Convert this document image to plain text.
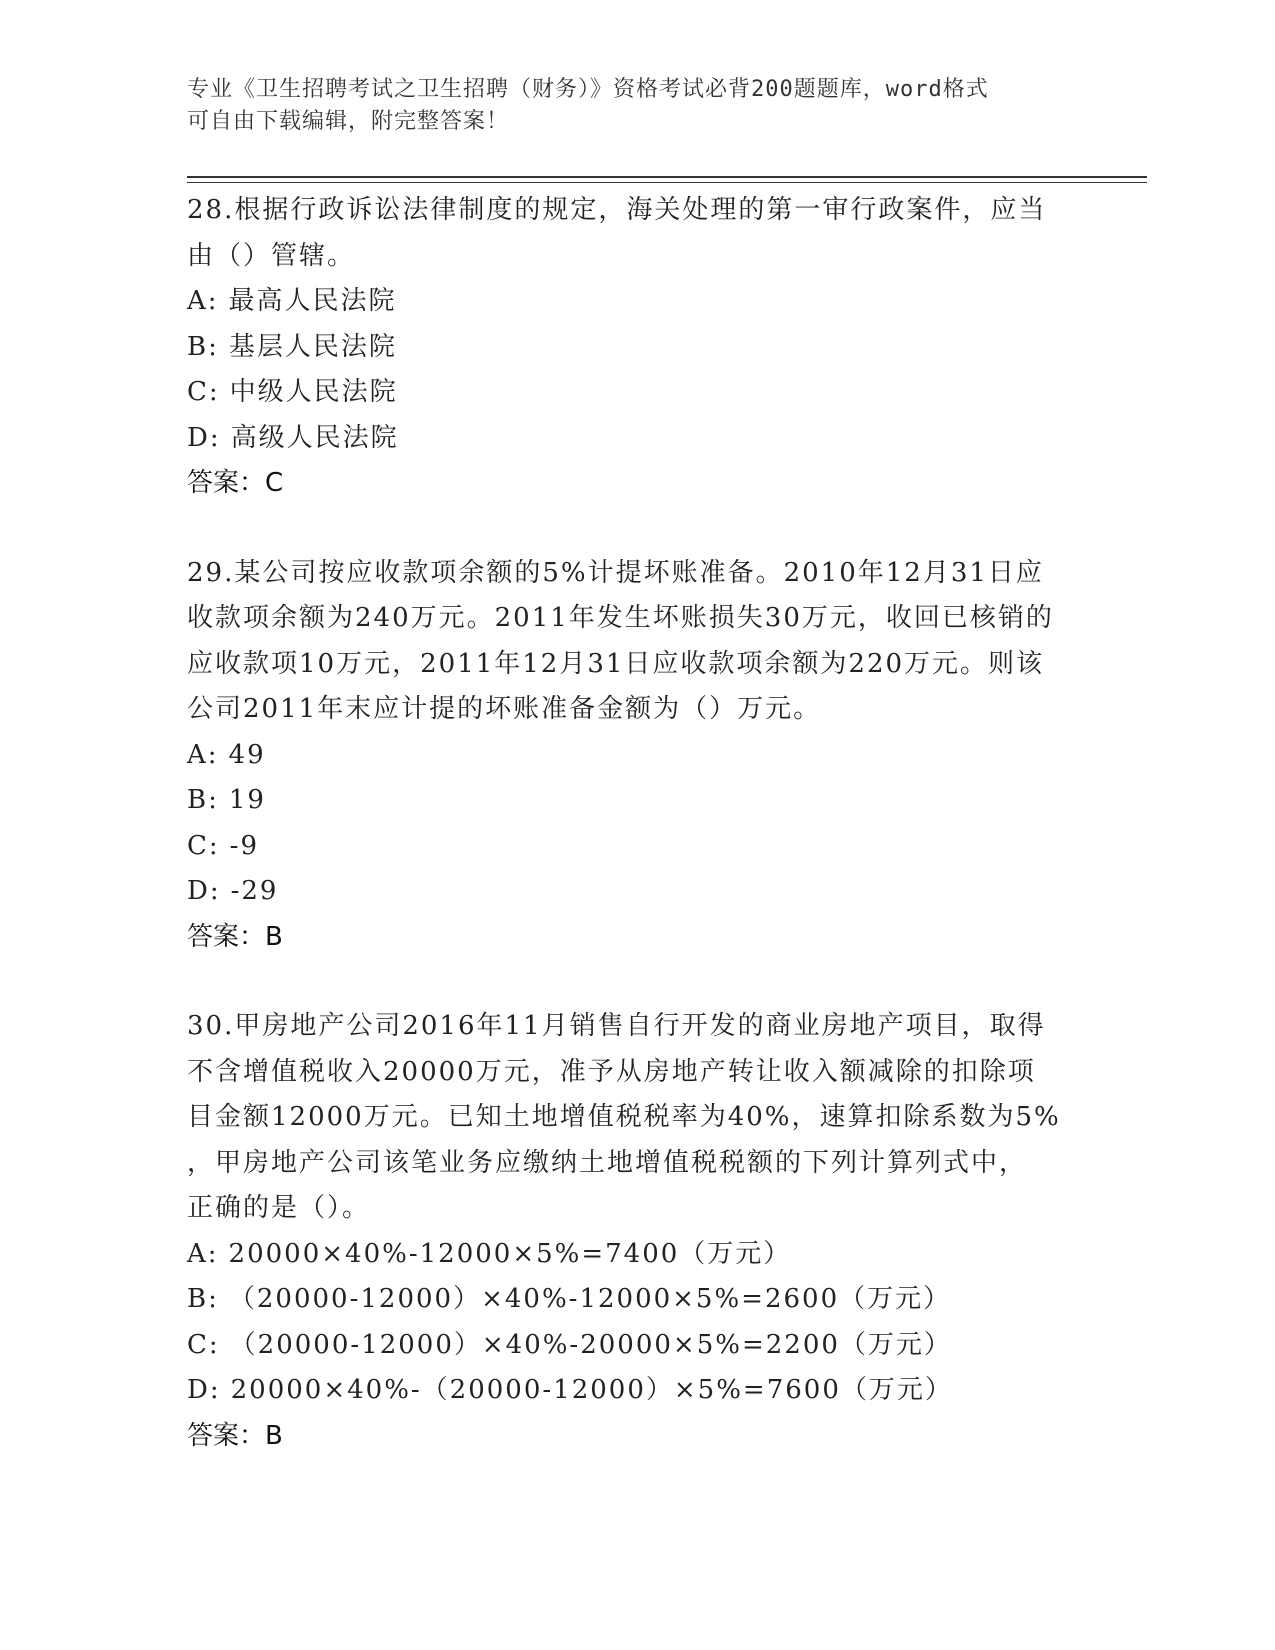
专业《卫生招聘考试之卫生招聘（财务）》资格考试必背200题题库，word格式
可自由下载编辑，附完整答案！
28.根据行政诉讼法律制度的规定，海关处理的第一审行政案件，应当
由（）管辖。
A: 最高人民法院
B: 基层人民法院
C: 中级人民法院
D: 高级人民法院
答案：C
29.某公司按应收款项余额的5%计提坏账准备。2010年12月31日应
收款项余额为240万元。2011年发生坏账损失30万元，收回已核销的
应收款项10万元，2011年12月31日应收款项余额为220万元。则该
公司2011年末应计提的坏账准备金额为（）万元。
A: 49
B: 19
C: -9
D: -29
答案：B
30.甲房地产公司2016年11月销售自行开发的商业房地产项目，取得
不含增值税收入20000万元，准予从房地产转让收入额减除的扣除项
目金额12000万元。已知土地增值税税率为40%，速算扣除系数为5%
，甲房地产公司该笔业务应缴纳土地增值税税额的下列计算列式中，
正确的是（）。
A: 20000×40%-12000×5%=7400（万元）
B: （20000-12000）×40%-12000×5%=2600（万元）
C: （20000-12000）×40%-20000×5%=2200（万元）
D: 20000×40%-（20000-12000）×5%=7600（万元）
答案：B
